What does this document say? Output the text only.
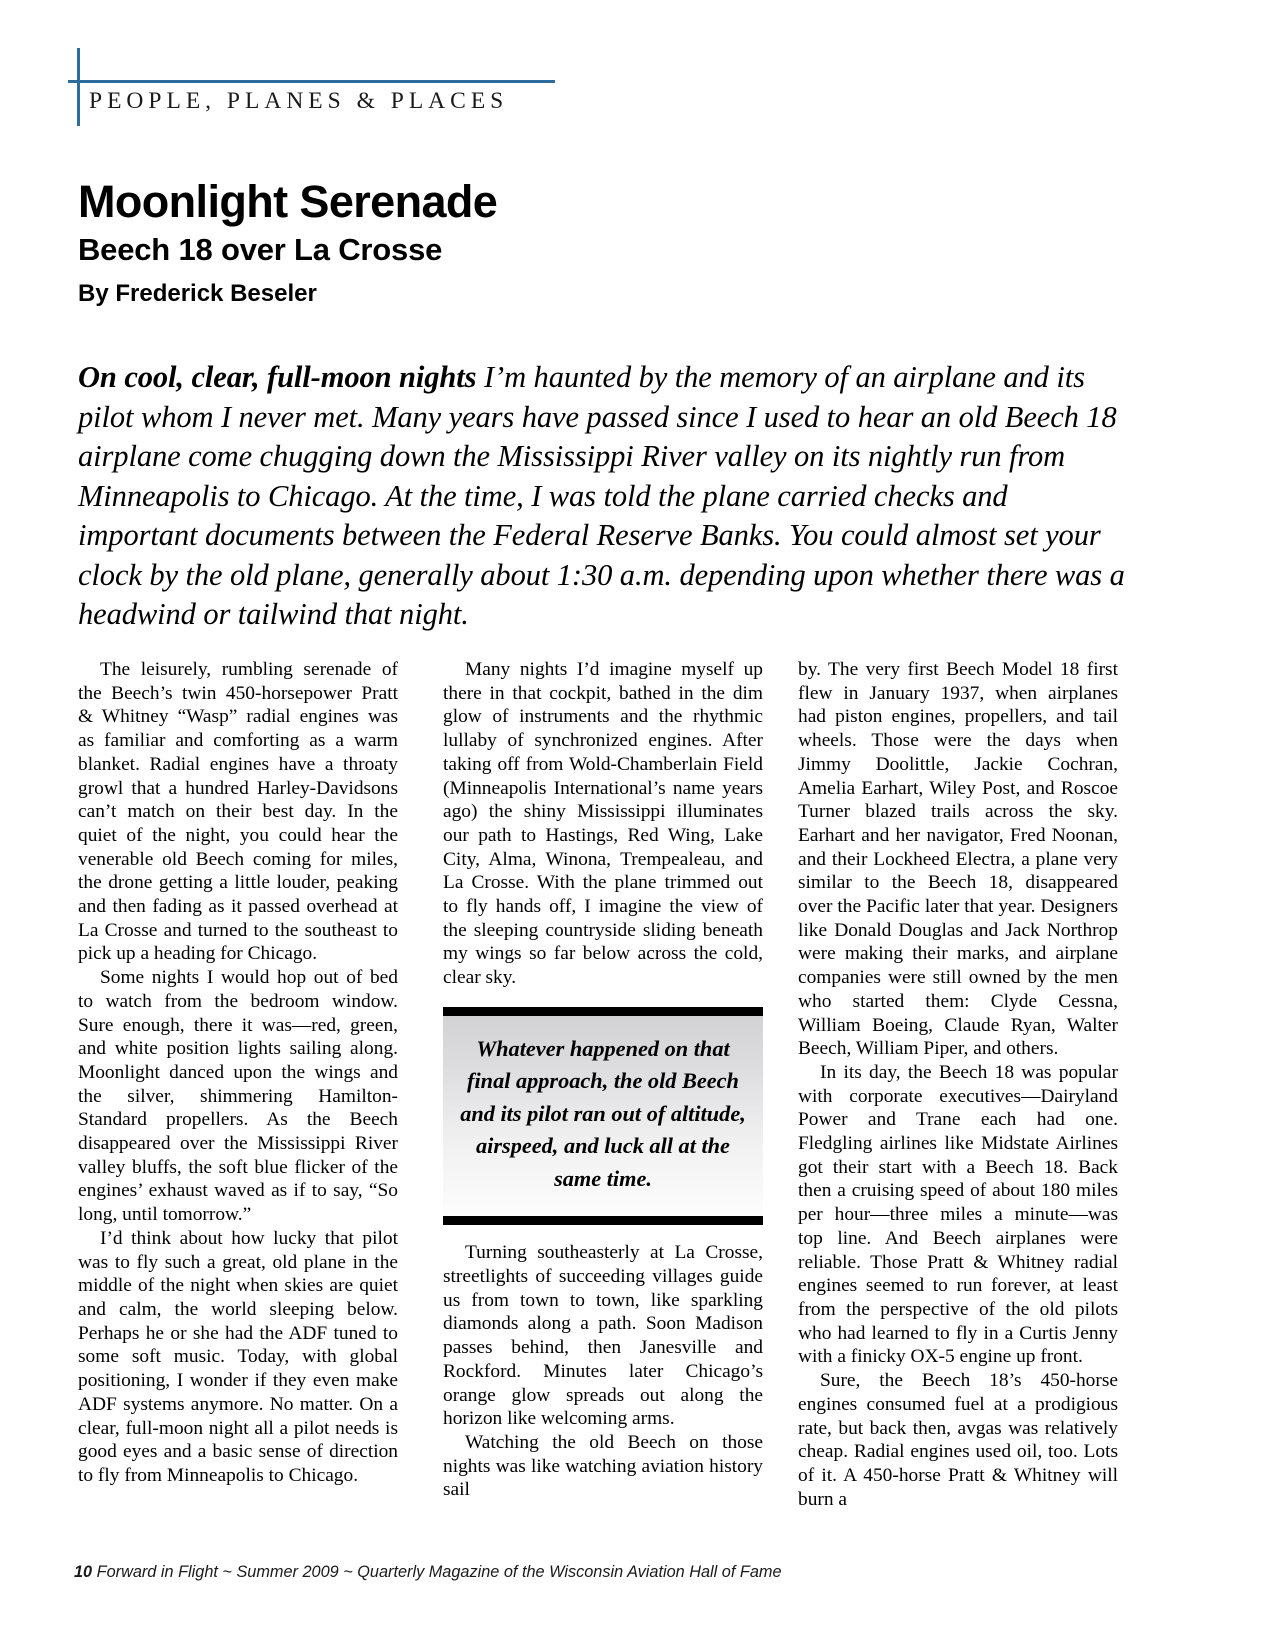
PEOPLE, PLANES & PLACES
Moonlight Serenade
Beech 18 over La Crosse
By Frederick Beseler
On cool, clear, full-moon nights I’m haunted by the memory of an airplane and its pilot whom I never met. Many years have passed since I used to hear an old Beech 18 airplane come chugging down the Mississippi River valley on its nightly run from Minneapolis to Chicago. At the time, I was told the plane carried checks and important documents between the Federal Reserve Banks. You could almost set your clock by the old plane, generally about 1:30 a.m. depending upon whether there was a headwind or tailwind that night.

The leisurely, rumbling serenade of the Beech’s twin 450-horsepower Pratt & Whitney “Wasp” radial engines was as familiar and comforting as a warm blanket. Radial engines have a throaty growl that a hundred Harley-Davidsons can’t match on their best day. In the quiet of the night, you could hear the venerable old Beech coming for miles, the drone getting a little louder, peaking and then fading as it passed overhead at La Crosse and turned to the southeast to pick up a heading for Chicago.

Some nights I would hop out of bed to watch from the bedroom window. Sure enough, there it was—red, green, and white position lights sailing along. Moonlight danced upon the wings and the silver, shimmering Hamilton-Standard propellers. As the Beech disappeared over the Mississippi River valley bluffs, the soft blue flicker of the engines’ exhaust waved as if to say, “So long, until tomorrow.”

I’d think about how lucky that pilot was to fly such a great, old plane in the middle of the night when skies are quiet and calm, the world sleeping below. Perhaps he or she had the ADF tuned to some soft music. Today, with global positioning, I wonder if they even make ADF systems anymore. No matter. On a clear, full-moon night all a pilot needs is good eyes and a basic sense of direction to fly from Minneapolis to Chicago.

Many nights I’d imagine myself up there in that cockpit, bathed in the dim glow of instruments and the rhythmic lullaby of synchronized engines. After taking off from Wold-Chamberlain Field (Minneapolis International’s name years ago) the shiny Mississippi illuminates our path to Hastings, Red Wing, Lake City, Alma, Winona, Trempealeau, and La Crosse. With the plane trimmed out to fly hands off, I imagine the view of the sleeping countryside sliding beneath my wings so far below across the cold, clear sky.

Whatever happened on that final approach, the old Beech and its pilot ran out of altitude, airspeed, and luck all at the same time.

Turning southeasterly at La Crosse, streetlights of succeeding villages guide us from town to town, like sparkling diamonds along a path. Soon Madison passes behind, then Janesville and Rockford. Minutes later Chicago’s orange glow spreads out along the horizon like welcoming arms.

Watching the old Beech on those nights was like watching aviation history sail

by. The very first Beech Model 18 first flew in January 1937, when airplanes had piston engines, propellers, and tail wheels. Those were the days when Jimmy Doolittle, Jackie Cochran, Amelia Earhart, Wiley Post, and Roscoe Turner blazed trails across the sky. Earhart and her navigator, Fred Noonan, and their Lockheed Electra, a plane very similar to the Beech 18, disappeared over the Pacific later that year. Designers like Donald Douglas and Jack Northrop were making their marks, and airplane companies were still owned by the men who started them: Clyde Cessna, William Boeing, Claude Ryan, Walter Beech, William Piper, and others.

In its day, the Beech 18 was popular with corporate executives—Dairyland Power and Trane each had one. Fledgling airlines like Midstate Airlines got their start with a Beech 18. Back then a cruising speed of about 180 miles per hour—three miles a minute—was top line. And Beech airplanes were reliable. Those Pratt & Whitney radial engines seemed to run forever, at least from the perspective of the old pilots who had learned to fly in a Curtis Jenny with a finicky OX-5 engine up front.

Sure, the Beech 18’s 450-horse engines consumed fuel at a prodigious rate, but back then, avgas was relatively cheap. Radial engines used oil, too. Lots of it. A 450-horse Pratt & Whitney will burn a

10 Forward in Flight ~ Summer 2009 ~ Quarterly Magazine of the Wisconsin Aviation Hall of Fame
